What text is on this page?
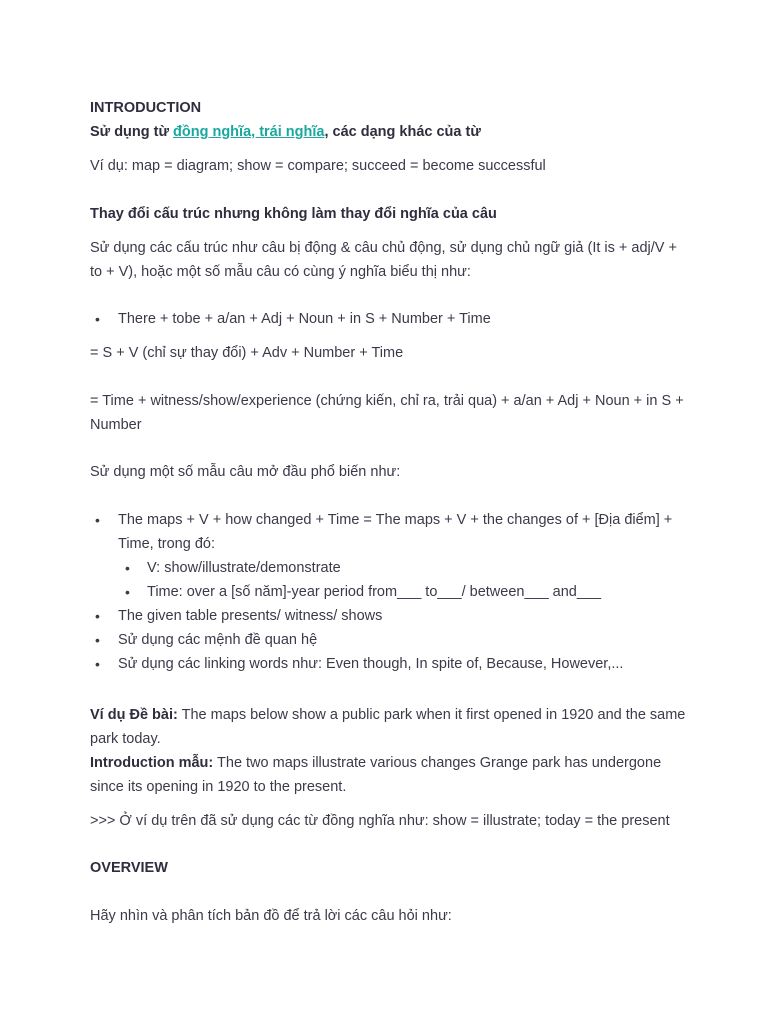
INTRODUCTION

Sử dụng từ đồng nghĩa, trái nghĩa, các dạng khác của từ

Ví dụ: map = diagram; show = compare; succeed = become successful

Thay đổi cấu trúc nhưng không làm thay đổi nghĩa của câu

Sử dụng các cấu trúc như câu bị động & câu chủ động, sử dụng chủ ngữ giả (It is + adj/V + to + V), hoặc một số mẫu câu có cùng ý nghĩa biểu thị như:

• There + tobe + a/an + Adj + Noun + in S + Number + Time

= S + V (chỉ sự thay đổi) + Adv + Number + Time

= Time + witness/show/experience (chứng kiến, chỉ ra, trải qua) + a/an + Adj + Noun + in S + Number

Sử dụng một số mẫu câu mở đầu phổ biến như:

• The maps + V + how changed + Time = The maps + V + the changes of + [Địa điểm] + Time, trong đó:
• V: show/illustrate/demonstrate
• Time: over a [số năm]-year period from___ to___/ between___ and___
• The given table presents/ witness/ shows
• Sử dụng các mệnh đề quan hệ
• Sử dụng các linking words như: Even though, In spite of, Because, However,...

Ví dụ Đề bài: The maps below show a public park when it first opened in 1920 and the same park today.

Introduction mẫu: The two maps illustrate various changes Grange park has undergone since its opening in 1920 to the present.

>>> Ở ví dụ trên đã sử dụng các từ đồng nghĩa như: show = illustrate; today = the present

OVERVIEW

Hãy nhìn và phân tích bản đồ để trả lời các câu hỏi như:
